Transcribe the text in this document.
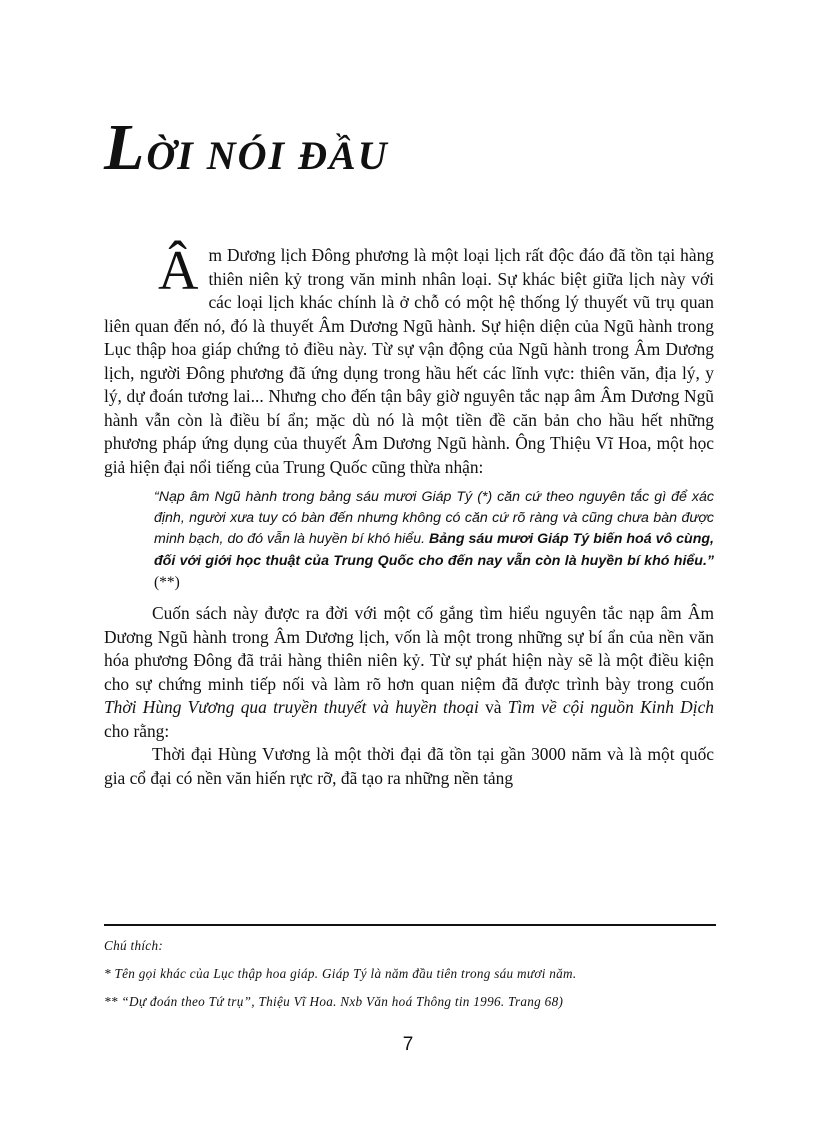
LỜI NÓI ĐẦU

Âm Dương lịch Đông phương là một loại lịch rất độc đáo đã tồn tại hàng thiên niên kỷ trong văn minh nhân loại. Sự khác biệt giữa lịch này với các loại lịch khác chính là ở chỗ có một hệ thống lý thuyết vũ trụ quan liên quan đến nó, đó là thuyết Âm Dương Ngũ hành. Sự hiện diện của Ngũ hành trong Lục thập hoa giáp chứng tỏ điều này. Từ sự vận động của Ngũ hành trong Âm Dương lịch, người Đông phương đã ứng dụng trong hầu hết các lĩnh vực: thiên văn, địa lý, y lý, dự đoán tương lai... Nhưng cho đến tận bây giờ nguyên tắc nạp âm Âm Dương Ngũ hành vẫn còn là điều bí ẩn; mặc dù nó là một tiền đề căn bản cho hầu hết những phương pháp ứng dụng của thuyết Âm Dương Ngũ hành. Ông Thiệu Vĩ Hoa, một học giả hiện đại nổi tiếng của Trung Quốc cũng thừa nhận:

“Nạp âm Ngũ hành trong bảng sáu mươi Giáp Tý (*) căn cứ theo nguyên tắc gì để xác định, người xưa tuy có bàn đến nhưng không có căn cứ rõ ràng và cũng chưa bàn được minh bạch, do đó vẫn là huyền bí khó hiểu. Bảng sáu mươi Giáp Tý biến hoá vô cùng, đối với giới học thuật của Trung Quốc cho đến nay vẫn còn là huyền bí khó hiểu.” (**)

Cuốn sách này được ra đời với một cố gắng tìm hiểu nguyên tắc nạp âm Âm Dương Ngũ hành trong Âm Dương lịch, vốn là một trong những sự bí ẩn của nền văn hóa phương Đông đã trải hàng thiên niên kỷ. Từ sự phát hiện này sẽ là một điều kiện cho sự chứng minh tiếp nối và làm rõ hơn quan niệm đã được trình bày trong cuốn Thời Hùng Vương qua truyền thuyết và huyền thoại và Tìm về cội nguồn Kinh Dịch cho rằng:

Thời đại Hùng Vương là một thời đại đã tồn tại gần 3000 năm và là một quốc gia cổ đại có nền văn hiến rực rỡ, đã tạo ra những nền tảng

Chú thích:
* Tên gọi khác của Lục thập hoa giáp. Giáp Tý là năm đầu tiên trong sáu mươi năm.
** “Dự đoán theo Tứ trụ”, Thiệu Vĩ Hoa. Nxb Văn hoá Thông tin 1996. Trang 68)
7
